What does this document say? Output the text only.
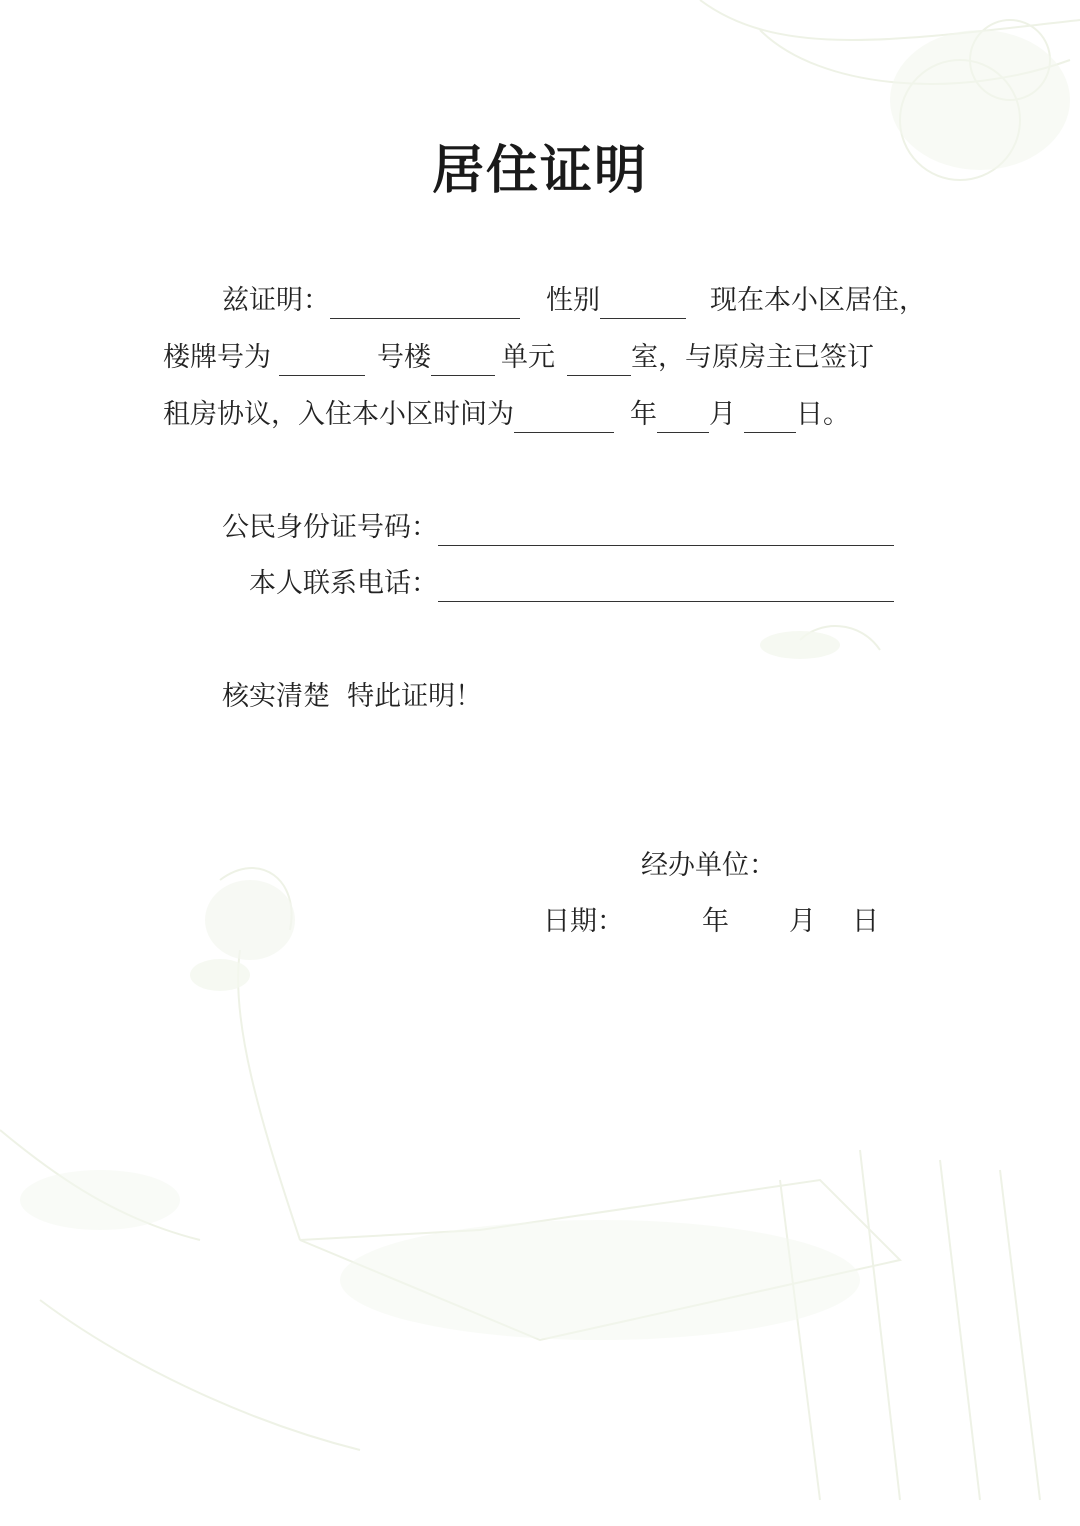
居住证明
兹证明：	性别	现在本小区居住，
楼牌号为	号楼	单元	室，与原房主已签订
租房协议，入住本小区时间为	年 月 日。
公民身份证号码：
本人联系电话：
核实清楚  特此证明！
经办单位：
日期：	年 月 日
